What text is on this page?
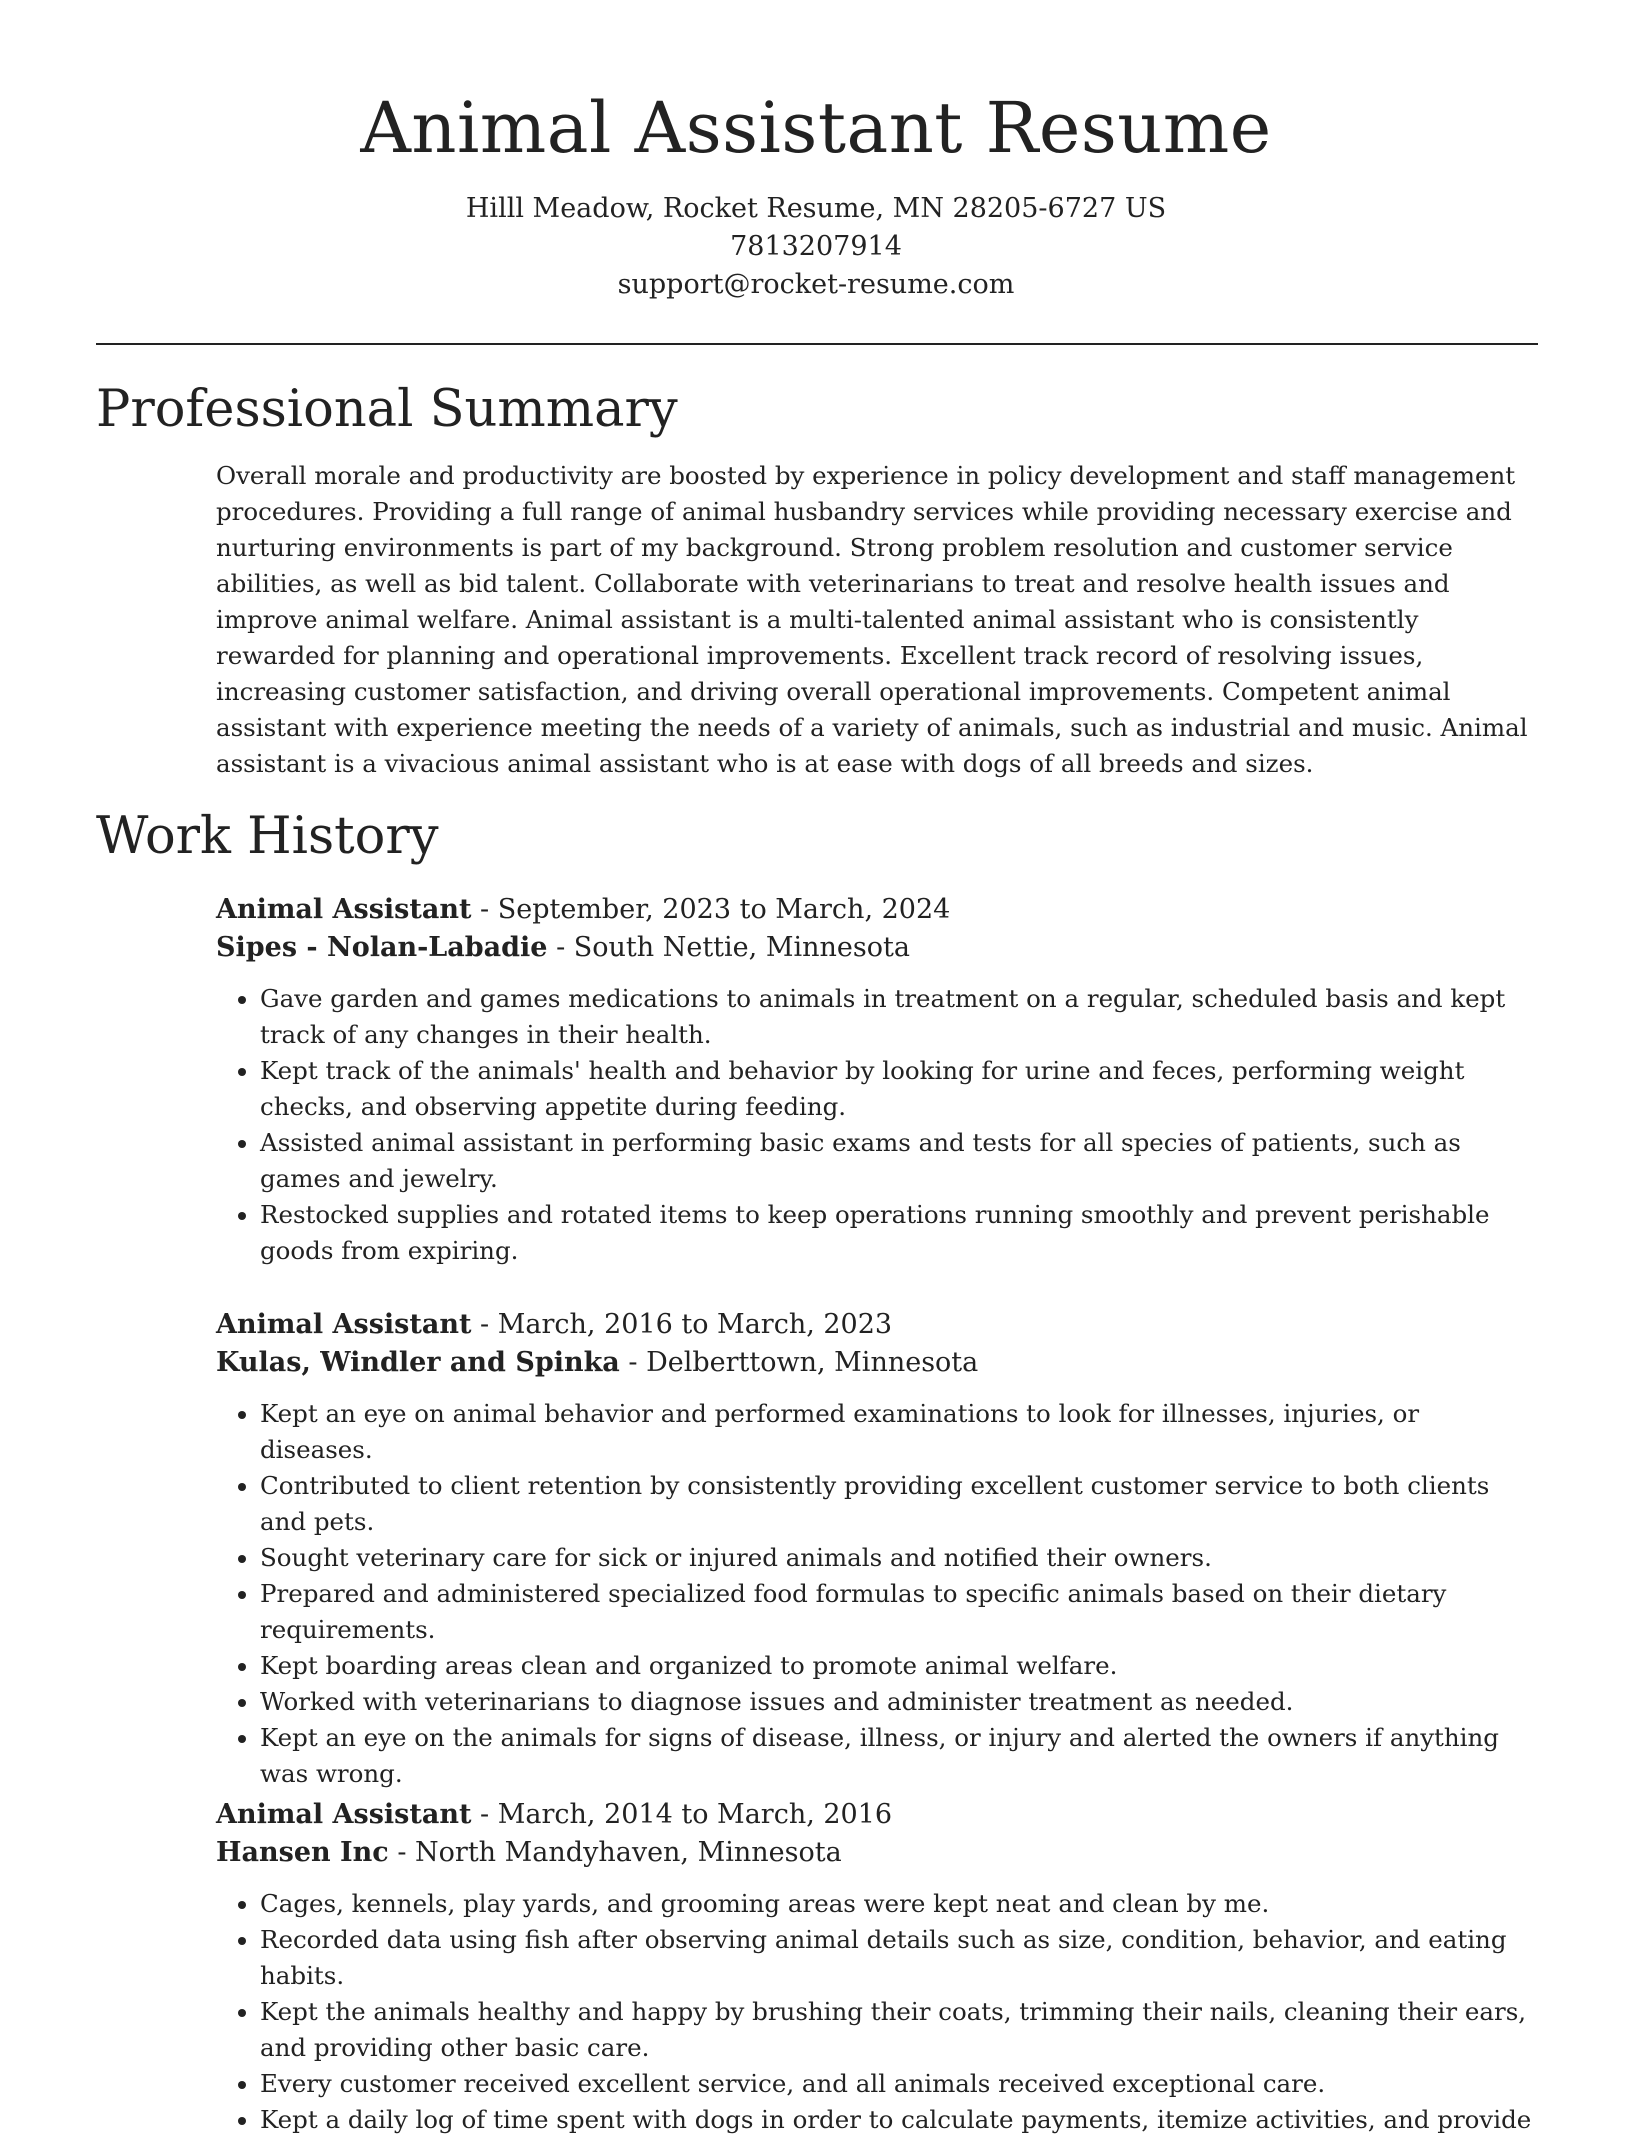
Animal Assistant Resume
Hilll Meadow, Rocket Resume, MN 28205-6727 US
7813207914
support@rocket-resume.com
Professional Summary

Overall morale and productivity are boosted by experience in policy development and staff management procedures. Providing a full range of animal husbandry services while providing necessary exercise and nurturing environments is part of my background. Strong problem resolution and customer service abilities, as well as bid talent. Collaborate with veterinarians to treat and resolve health issues and improve animal welfare. Animal assistant is a multi-talented animal assistant who is consistently rewarded for planning and operational improvements. Excellent track record of resolving issues, increasing customer satisfaction, and driving overall operational improvements. Competent animal assistant with experience meeting the needs of a variety of animals, such as industrial and music. Animal assistant is a vivacious animal assistant who is at ease with dogs of all breeds and sizes.

Work History
Animal Assistant - September, 2023 to March, 2024
Sipes - Nolan-Labadie - South Nettie, Minnesota
• Gave garden and games medications to animals in treatment on a regular, scheduled basis and kept track of any changes in their health.
• Kept track of the animals' health and behavior by looking for urine and feces, performing weight checks, and observing appetite during feeding.
• Assisted animal assistant in performing basic exams and tests for all species of patients, such as games and jewelry.
• Restocked supplies and rotated items to keep operations running smoothly and prevent perishable goods from expiring.
Animal Assistant - March, 2016 to March, 2023
Kulas, Windler and Spinka - Delberttown, Minnesota
• Kept an eye on animal behavior and performed examinations to look for illnesses, injuries, or diseases.
• Contributed to client retention by consistently providing excellent customer service to both clients and pets.
• Sought veterinary care for sick or injured animals and notified their owners.
• Prepared and administered specialized food formulas to specific animals based on their dietary requirements.
• Kept boarding areas clean and organized to promote animal welfare.
• Worked with veterinarians to diagnose issues and administer treatment as needed.
• Kept an eye on the animals for signs of disease, illness, or injury and alerted the owners if anything was wrong.
Animal Assistant - March, 2014 to March, 2016
Hansen Inc - North Mandyhaven, Minnesota
• Cages, kennels, play yards, and grooming areas were kept neat and clean by me.
• Recorded data using fish after observing animal details such as size, condition, behavior, and eating habits.
• Kept the animals healthy and happy by brushing their coats, trimming their nails, cleaning their ears, and providing other basic care.
• Every customer received excellent service, and all animals received exceptional care.
• Kept a daily log of time spent with dogs in order to calculate payments, itemize activities, and provide
